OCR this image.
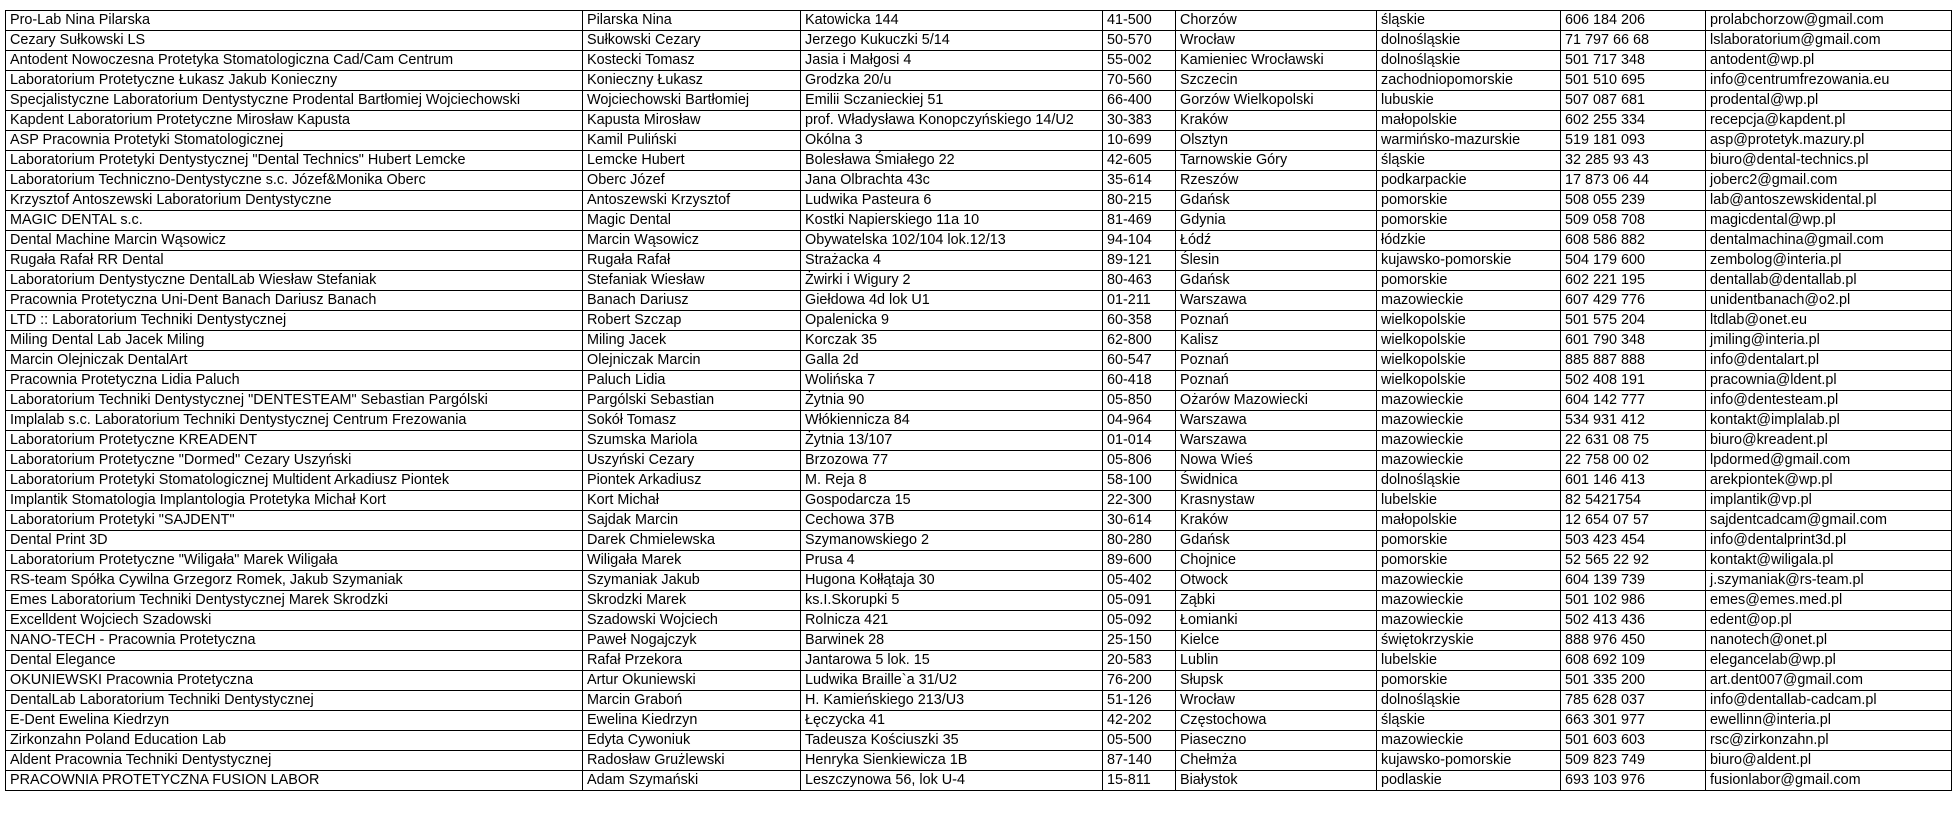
Pro-Lab Nina Pilarska	Pilarska Nina	Katowicka 144	41-500	Chorzów	śląskie	606 184 206	prolabchorzow@gmail.com
Cezary Sułkowski LS	Sułkowski Cezary	Jerzego Kukuczki 5/14	50-570	Wrocław	dolnośląskie	71 797 66 68	lslaboratorium@gmail.com
Antodent Nowoczesna Protetyka Stomatologiczna Cad/Cam Centrum	Kostecki Tomasz	Jasia i Małgosi 4	55-002	Kamieniec Wrocławski	dolnośląskie	501 717 348	antodent@wp.pl
Laboratorium Protetyczne Łukasz Jakub Konieczny	Konieczny Łukasz	Grodzka 20/u	70-560	Szczecin	zachodniopomorskie	501 510 695	info@centrumfrezowania.eu
Specjalistyczne Laboratorium Dentystyczne Prodental Bartłomiej Wojciechowski	Wojciechowski Bartłomiej	Emilii Sczanieckiej 51	66-400	Gorzów Wielkopolski	lubuskie	507 087 681	prodental@wp.pl
Kapdent Laboratorium Protetyczne Mirosław Kapusta	Kapusta Mirosław	prof. Władysława Konopczyńskiego 14/U2	30-383	Kraków	małopolskie	602 255 334	recepcja@kapdent.pl
ASP Pracownia Protetyki Stomatologicznej	Kamil Puliński	Okólna 3	10-699	Olsztyn	warmińsko-mazurskie	519 181 093	asp@protetyk.mazury.pl
Laboratorium Protetyki Dentystycznej "Dental Technics" Hubert Lemcke	Lemcke Hubert	Bolesława Śmiałego 22	42-605	Tarnowskie Góry	śląskie	32 285 93 43	biuro@dental-technics.pl
Laboratorium Techniczno-Dentystyczne s.c. Józef&Monika Oberc	Oberc Józef	Jana Olbrachta 43c	35-614	Rzeszów	podkarpackie	17 873 06 44	joberc2@gmail.com
Krzysztof Antoszewski Laboratorium Dentystyczne	Antoszewski Krzysztof	Ludwika Pasteura 6	80-215	Gdańsk	pomorskie	508 055 239	lab@antoszewskidental.pl
MAGIC DENTAL s.c.	Magic Dental	Kostki Napierskiego 11a 10	81-469	Gdynia	pomorskie	509 058 708	magicdental@wp.pl
Dental Machine Marcin Wąsowicz	Marcin Wąsowicz	Obywatelska 102/104 lok.12/13	94-104	Łódź	łódzkie	608 586 882	dentalmachina@gmail.com
Rugała Rafał RR Dental	Rugała Rafał	Strażacka 4	89-121	Ślesin	kujawsko-pomorskie	504 179 600	zembolog@interia.pl
Laboratorium Dentystyczne DentalLab Wiesław Stefaniak	Stefaniak Wiesław	Żwirki i Wigury 2	80-463	Gdańsk	pomorskie	602 221 195	dentallab@dentallab.pl
Pracownia Protetyczna Uni-Dent Banach Dariusz Banach	Banach Dariusz	Giełdowa 4d lok U1	01-211	Warszawa	mazowieckie	607 429 776	unidentbanach@o2.pl
LTD :: Laboratorium Techniki Dentystycznej	Robert Szczap	Opalenicka 9	60-358	Poznań	wielkopolskie	501 575 204	ltdlab@onet.eu
Miling Dental Lab Jacek Miling	Miling Jacek	Korczak 35	62-800	Kalisz	wielkopolskie	601 790 348	jmiling@interia.pl
Marcin Olejniczak DentalArt	Olejniczak Marcin	Galla 2d	60-547	Poznań	wielkopolskie	885 887 888	info@dentalart.pl
Pracownia Protetyczna Lidia Paluch	Paluch Lidia	Wolińska 7	60-418	Poznań	wielkopolskie	502 408 191	pracownia@ldent.pl
Laboratorium Techniki Dentystycznej "DENTESTEAM" Sebastian Pargólski	Pargólski Sebastian	Żytnia 90	05-850	Ożarów Mazowiecki	mazowieckie	604 142 777	info@dentesteam.pl
Implalab s.c. Laboratorium Techniki Dentystycznej Centrum Frezowania	Sokół Tomasz	Włókiennicza 84	04-964	Warszawa	mazowieckie	534 931 412	kontakt@implalab.pl
Laboratorium Protetyczne KREADENT	Szumska Mariola	Żytnia 13/107	01-014	Warszawa	mazowieckie	22 631 08 75	biuro@kreadent.pl
Laboratorium Protetyczne "Dormed" Cezary Uszyński	Uszyński Cezary	Brzozowa 77	05-806	Nowa Wieś	mazowieckie	22 758 00 02	lpdormed@gmail.com
Laboratorium Protetyki Stomatologicznej Multident Arkadiusz Piontek	Piontek Arkadiusz	M. Reja 8	58-100	Świdnica	dolnośląskie	601 146 413	arekpiontek@wp.pl
Implantik Stomatologia Implantologia Protetyka Michał Kort	Kort Michał	Gospodarcza 15	22-300	Krasnystaw	lubelskie	82 5421754	implantik@vp.pl
Laboratorium Protetyki "SAJDENT"	Sajdak Marcin	Cechowa 37B	30-614	Kraków	małopolskie	12 654 07 57	sajdentcadcam@gmail.com
Dental Print 3D	Darek Chmielewska	Szymanowskiego 2	80-280	Gdańsk	pomorskie	503 423 454	info@dentalprint3d.pl
Laboratorium Protetyczne "Wiligała" Marek Wiligała	Wiligała Marek	Prusa 4	89-600	Chojnice	pomorskie	52 565 22 92	kontakt@wiligala.pl
RS-team Spółka Cywilna Grzegorz Romek, Jakub Szymaniak	Szymaniak Jakub	Hugona Kołłątaja 30	05-402	Otwock	mazowieckie	604 139 739	j.szymaniak@rs-team.pl
Emes Laboratorium Techniki Dentystycznej Marek Skrodzki	Skrodzki Marek	ks.I.Skorupki 5	05-091	Ząbki	mazowieckie	501 102 986	emes@emes.med.pl
Excelldent Wojciech Szadowski	Szadowski Wojciech	Rolnicza 421	05-092	Łomianki	mazowieckie	502 413 436	edent@op.pl
NANO-TECH - Pracownia Protetyczna	Paweł Nogajczyk	Barwinek 28	25-150	Kielce	świętokrzyskie	888 976 450	nanotech@onet.pl
Dental Elegance	Rafał Przekora	Jantarowa 5 lok. 15	20-583	Lublin	lubelskie	608 692 109	elegancelab@wp.pl
OKUNIEWSKI Pracownia Protetyczna	Artur Okuniewski	Ludwika Braille`a 31/U2	76-200	Słupsk	pomorskie	501 335 200	art.dent007@gmail.com
DentalLab Laboratorium Techniki Dentystycznej	Marcin Graboń	H. Kamieńskiego 213/U3	51-126	Wrocław	dolnośląskie	785 628 037	info@dentallab-cadcam.pl
E-Dent Ewelina Kiedrzyn	Ewelina Kiedrzyn	Łęczycka 41	42-202	Częstochowa	śląskie	663 301 977	ewellinn@interia.pl
Zirkonzahn Poland Education Lab	Edyta Cywoniuk	Tadeusza Kościuszki 35	05-500	Piaseczno	mazowieckie	501 603 603	rsc@zirkonzahn.pl
Aldent Pracownia Techniki Dentystycznej	Radosław Grużlewski	Henryka Sienkiewicza 1B	87-140	Chełmża	kujawsko-pomorskie	509 823 749	biuro@aldent.pl
PRACOWNIA PROTETYCZNA FUSION LABOR	Adam Szymański	Leszczynowa 56, lok U-4	15-811	Białystok	podlaskie	693 103 976	fusionlabor@gmail.com
